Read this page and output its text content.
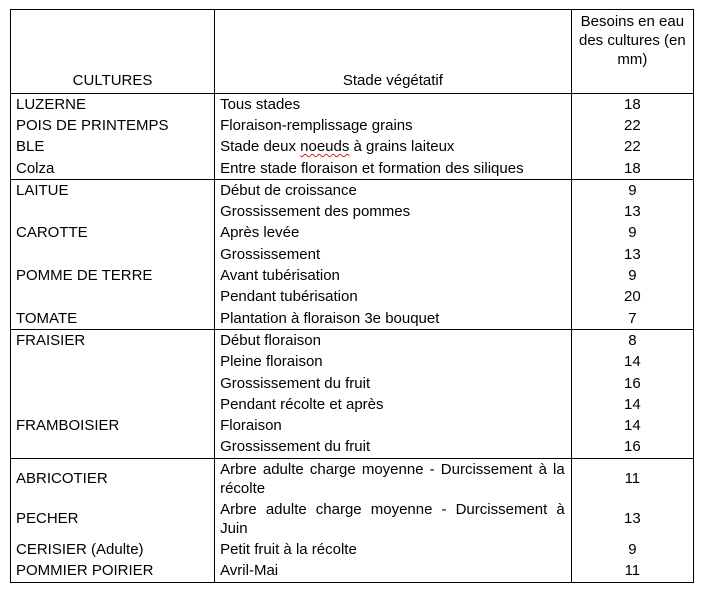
CULTURES	Stade végétatif	Besoins en eau des cultures (en mm)
LUZERNE	Tous stades	18
POIS DE PRINTEMPS	Floraison-remplissage grains	22
BLE	Stade deux noeuds à grains laiteux	22
Colza	Entre stade floraison et formation des siliques	18
LAITUE	Début de croissance	9
	Grossissement des pommes	13
CAROTTE	Après levée	9
	Grossissement	13
POMME DE TERRE	Avant tubérisation	9
	Pendant tubérisation	20
TOMATE	Plantation à floraison 3e bouquet	7
FRAISIER	Début floraison	8
	Pleine floraison	14
	Grossissement du fruit	16
	Pendant récolte et après	14
FRAMBOISIER	Floraison	14
	Grossissement du fruit	16
ABRICOTIER	Arbre adulte charge moyenne - Durcissement à la récolte	11
PECHER	Arbre adulte charge moyenne - Durcissement à Juin	13
CERISIER (Adulte)	Petit fruit à la récolte	9
POMMIER POIRIER	Avril-Mai	11
